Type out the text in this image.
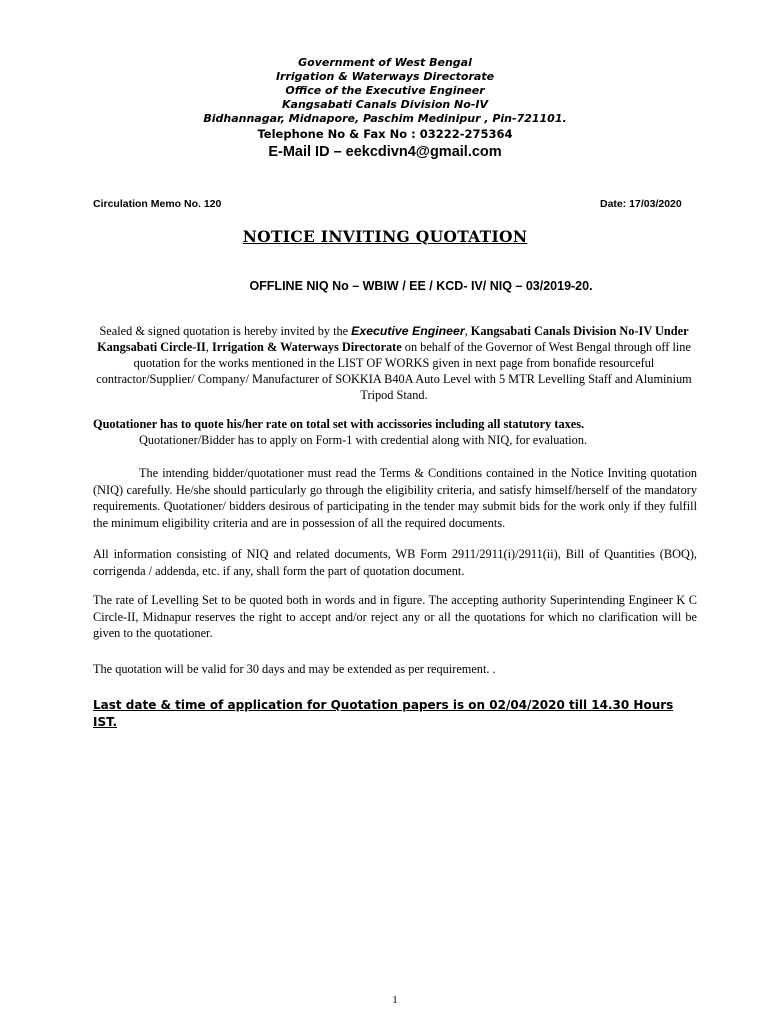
Government of West Bengal
Irrigation & Waterways Directorate
Office of the Executive Engineer
Kangsabati Canals Division No-IV
Bidhannagar, Midnapore, Paschim Medinipur , Pin-721101.
Telephone No & Fax No : 03222-275364
E-Mail ID – eekcdivn4@gmail.com
Circulation Memo No. 120	Date: 17/03/2020
NOTICE INVITING QUOTATION
OFFLINE NIQ No – WBIW / EE / KCD- IV/ NIQ – 03/2019-20.
Sealed & signed quotation is hereby invited by the Executive Engineer, Kangsabati Canals Division No-IV Under Kangsabati Circle-II, Irrigation & Waterways Directorate on behalf of the Governor of West Bengal through off line quotation for the works mentioned in the LIST OF WORKS given in next page from bonafide resourceful contractor/Supplier/ Company/ Manufacturer of SOKKIA B40A Auto Level with 5 MTR Levelling Staff and Aluminium Tripod Stand.
Quotationer has to quote his/her rate on total set with accissories including all statutory taxes.
Quotationer/Bidder has to apply on Form-1 with credential along with NIQ, for evaluation.
The intending bidder/quotationer must read the Terms & Conditions contained in the Notice Inviting quotation (NIQ) carefully. He/she should particularly go through the eligibility criteria, and satisfy himself/herself of the mandatory requirements. Quotationer/ bidders desirous of participating in the tender may submit bids for the work only if they fulfill the minimum eligibility criteria and are in possession of all the required documents.
All information consisting of NIQ and related documents, WB Form 2911/2911(i)/2911(ii), Bill of Quantities (BOQ), corrigenda / addenda, etc. if any, shall form the part of quotation document.
The rate of Levelling Set to be quoted both in words and in figure. The accepting authority Superintending Engineer K C Circle-II, Midnapur reserves the right to accept and/or reject any or all the quotations for which no clarification will be given to the quotationer.
The quotation will be valid for 30 days and may be extended as per requirement. .
Last date & time of application for Quotation papers is on 02/04/2020 till 14.30 Hours IST.
1
